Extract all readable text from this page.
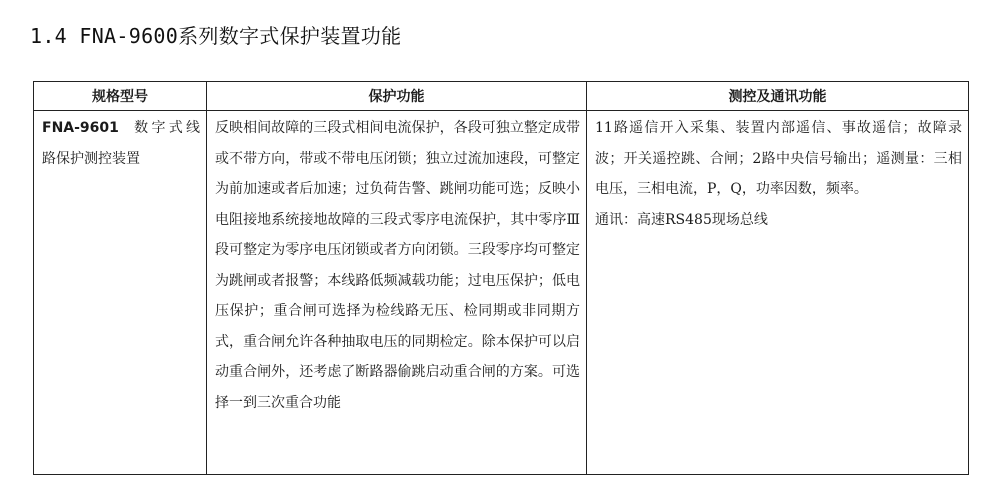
1.4 FNA-9600系列数字式保护装置功能
规格型号	保护功能	测控及通讯功能

FNA-9601 数字式线路保护测控装置	反映相间故障的三段式相间电流保护，各段可独立整定成带或不带方向，带或不带电压闭锁；独立过流加速段，可整定为前加速或者后加速；过负荷告警、跳闸功能可选；反映小电阻接地系统接地故障的三段式零序电流保护，其中零序Ⅲ段可整定为零序电压闭锁或者方向闭锁。三段零序均可整定为跳闸或者报警；本线路低频减载功能；过电压保护；低电压保护；重合闸可选择为检线路无压、检同期或非同期方式，重合闸允许各种抽取电压的同期检定。除本保护可以启动重合闸外，还考虑了断路器偷跳启动重合闸的方案。可选择一到三次重合功能	11路遥信开入采集、装置内部遥信、事故遥信；故障录波；开关遥控跳、合闸；2路中央信号输出；遥测量：三相电压，三相电流，P，Q，功率因数，频率。
通讯：高速RS485现场总线
